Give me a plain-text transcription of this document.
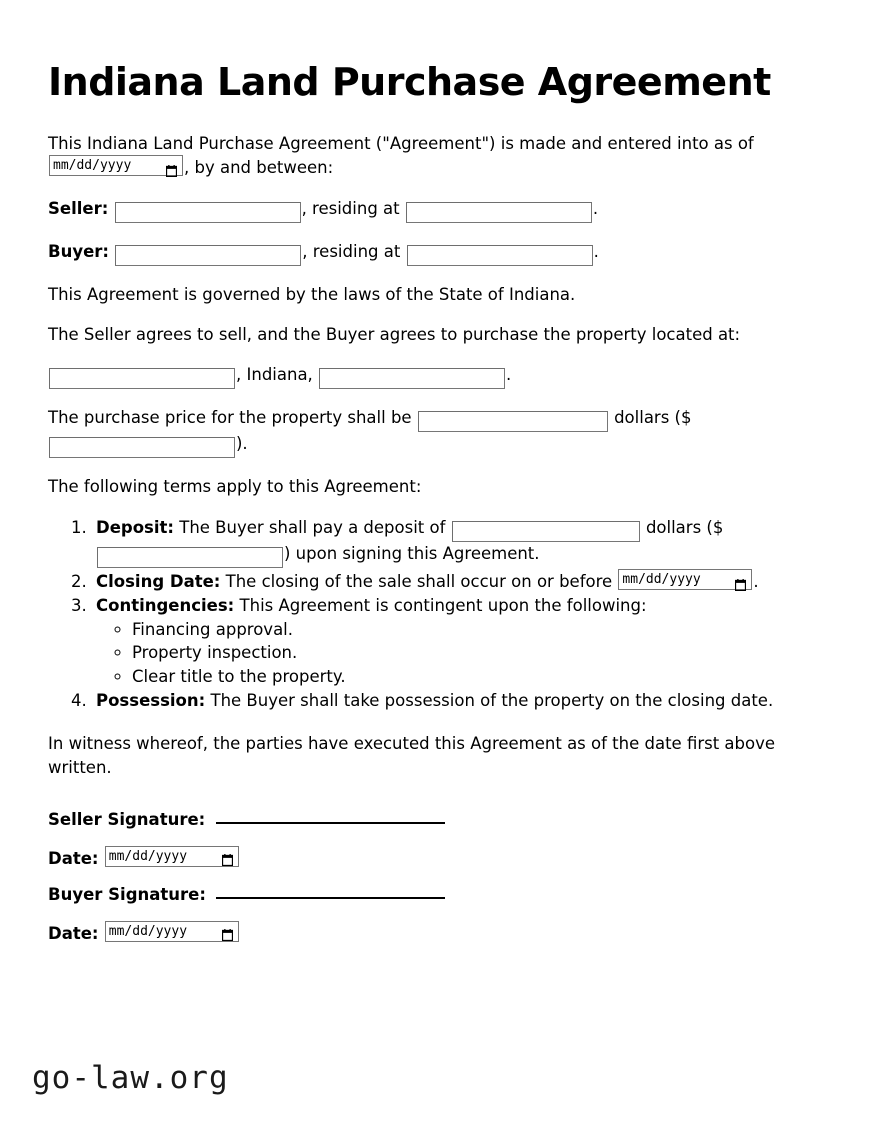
Indiana Land Purchase Agreement

This Indiana Land Purchase Agreement ("Agreement") is made and entered into as of
mm/dd/yyyy	, by and between:

Seller:	, residing at	.

Buyer:	, residing at	.

This Agreement is governed by the laws of the State of Indiana.

The Seller agrees to sell, and the Buyer agrees to purchase the property located at:

, Indiana,	.

The purchase price for the property shall be	dollars ($
).

The following terms apply to this Agreement:

1. Deposit: The Buyer shall pay a deposit of	dollars ($
) upon signing this Agreement.
2. Closing Date: The closing of the sale shall occur on or before mm/dd/yyyy	.
3. Contingencies: This Agreement is contingent upon the following:
◦ Financing approval.
◦ Property inspection.
◦ Clear title to the property.
4. Possession: The Buyer shall take possession of the property on the closing date.

In witness whereof, the parties have executed this Agreement as of the date first above written.

Seller Signature:
Date: mm/dd/yyyy
Buyer Signature:
Date: mm/dd/yyyy
go-law.org
